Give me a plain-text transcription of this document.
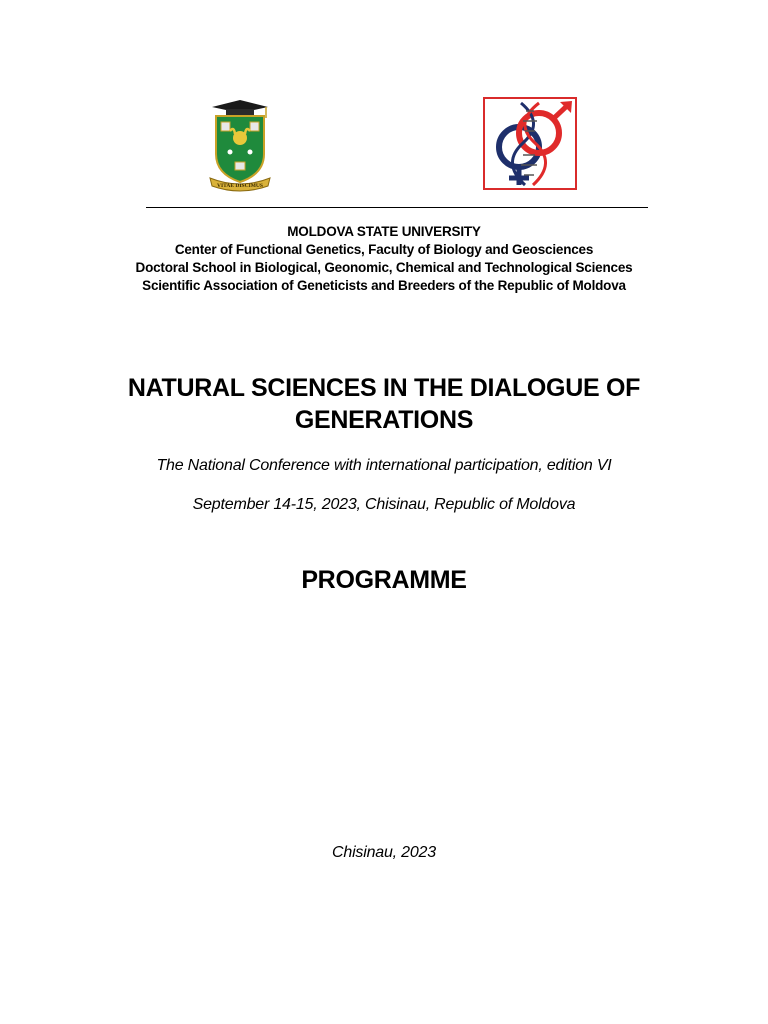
VITAE DISCIMUS
MOLDOVA STATE UNIVERSITY
Center of Functional Genetics, Faculty of Biology and Geosciences
Doctoral School in Biological, Geonomic, Chemical and Technological Sciences
Scientific Association of Geneticists and Breeders of the Republic of Moldova
NATURAL SCIENCES IN THE DIALOGUE OF GENERATIONS
The National Conference with international participation, edition VI
September 14-15, 2023, Chisinau, Republic of Moldova
PROGRAMME
Chisinau, 2023
